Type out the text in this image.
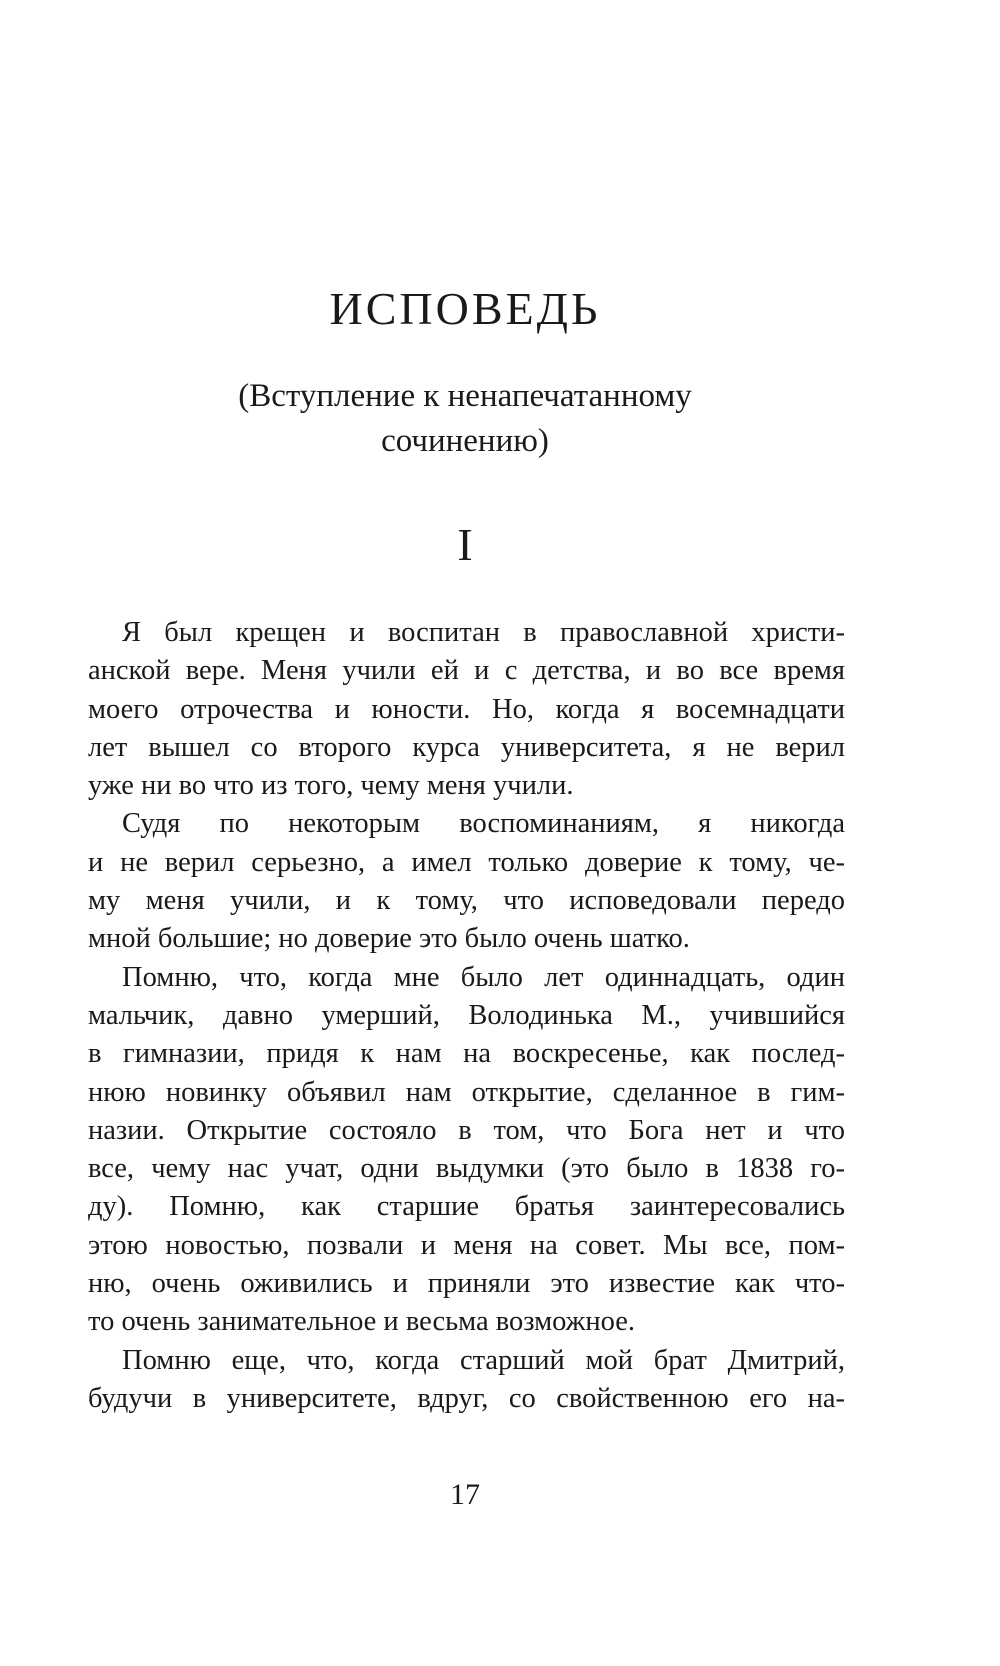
ИСПОВЕДЬ
(Вступление к ненапечатанному
сочинению)
I
Я был крещен и воспитан в православной христи-
анской вере. Меня учили ей и с детства, и во все время
моего отрочества и юности. Но, когда я восемнадцати
лет вышел со второго курса университета, я не верил
уже ни во что из того, чему меня учили.
Судя по некоторым воспоминаниям, я никогда
и не верил серьезно, а имел только доверие к тому, че-
му меня учили, и к тому, что исповедовали передо
мной большие; но доверие это было очень шатко.
Помню, что, когда мне было лет одиннадцать, один
мальчик, давно умерший, Володинька М., учившийся
в гимназии, придя к нам на воскресенье, как послед-
нюю новинку объявил нам открытие, сделанное в гим-
назии. Открытие состояло в том, что Бога нет и что
все, чему нас учат, одни выдумки (это было в 1838 го-
ду). Помню, как старшие братья заинтересовались
этою новостью, позвали и меня на совет. Мы все, пом-
ню, очень оживились и приняли это известие как что-
то очень занимательное и весьма возможное.
Помню еще, что, когда старший мой брат Дмитрий,
будучи в университете, вдруг, со свойственною его на-
17
